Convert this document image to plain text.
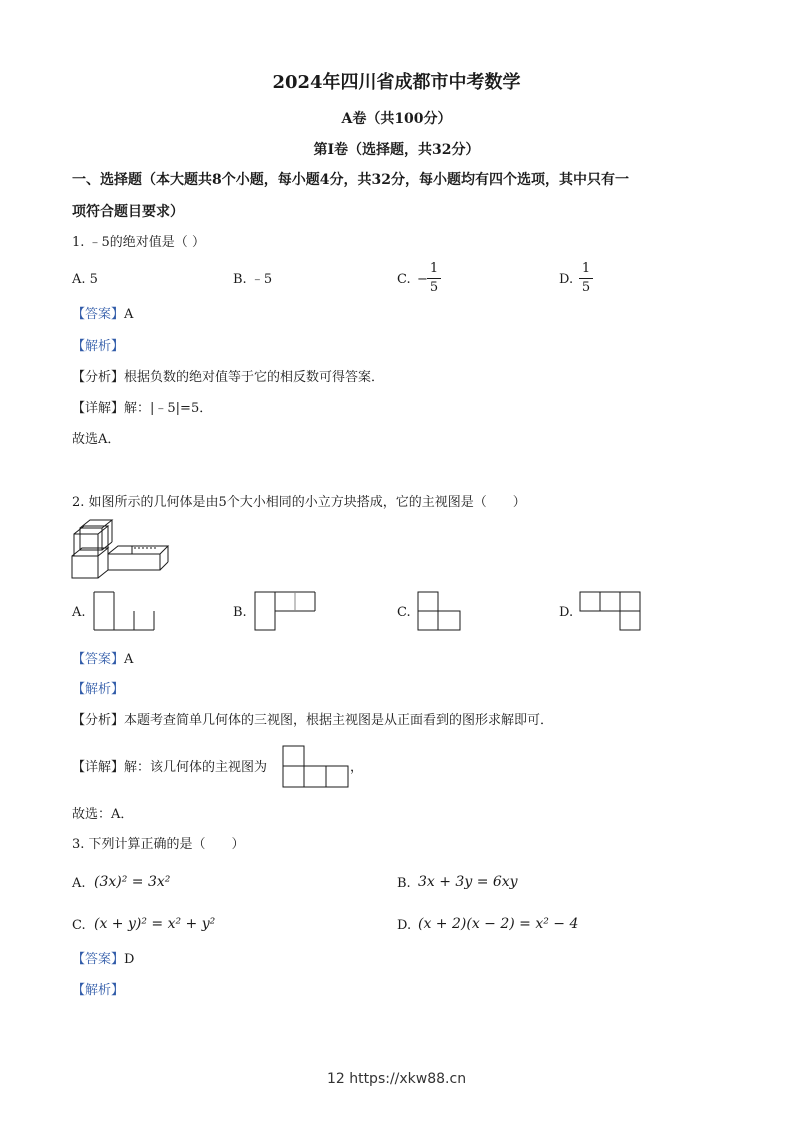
2024年四川省成都市中考数学
A卷（共100分）
第Ⅰ卷（选择题，共32分）
一、选择题（本大题共8个小题，每小题4分，共32分，每小题均有四个选项，其中只有一
项符合题目要求）
1. ﹣5的绝对值是（ ）
A. 5	B. ﹣5	C. −
1
5
D.
1
5
【答案】A
【解析】
【分析】根据负数的绝对值等于它的相反数可得答案．
【详解】解：|﹣5|=5．
故选A．
2. 如图所示的几何体是由5个大小相同的小立方块搭成，它的主视图是（　　）
A.	B.	C.	D.
【答案】A
【解析】
【分析】本题考查简单几何体的三视图，根据主视图是从正面看到的图形求解即可．
【详解】解：该几何体的主视图为	，
故选：A．
3. 下列计算正确的是（　　）
A. (3x)² = 3x²	B. 3x + 3y = 6xy
C. (x + y)² = x² + y²	D. (x + 2)(x − 2) = x² − 4
【答案】D
【解析】
12 https://xkw88.cn
